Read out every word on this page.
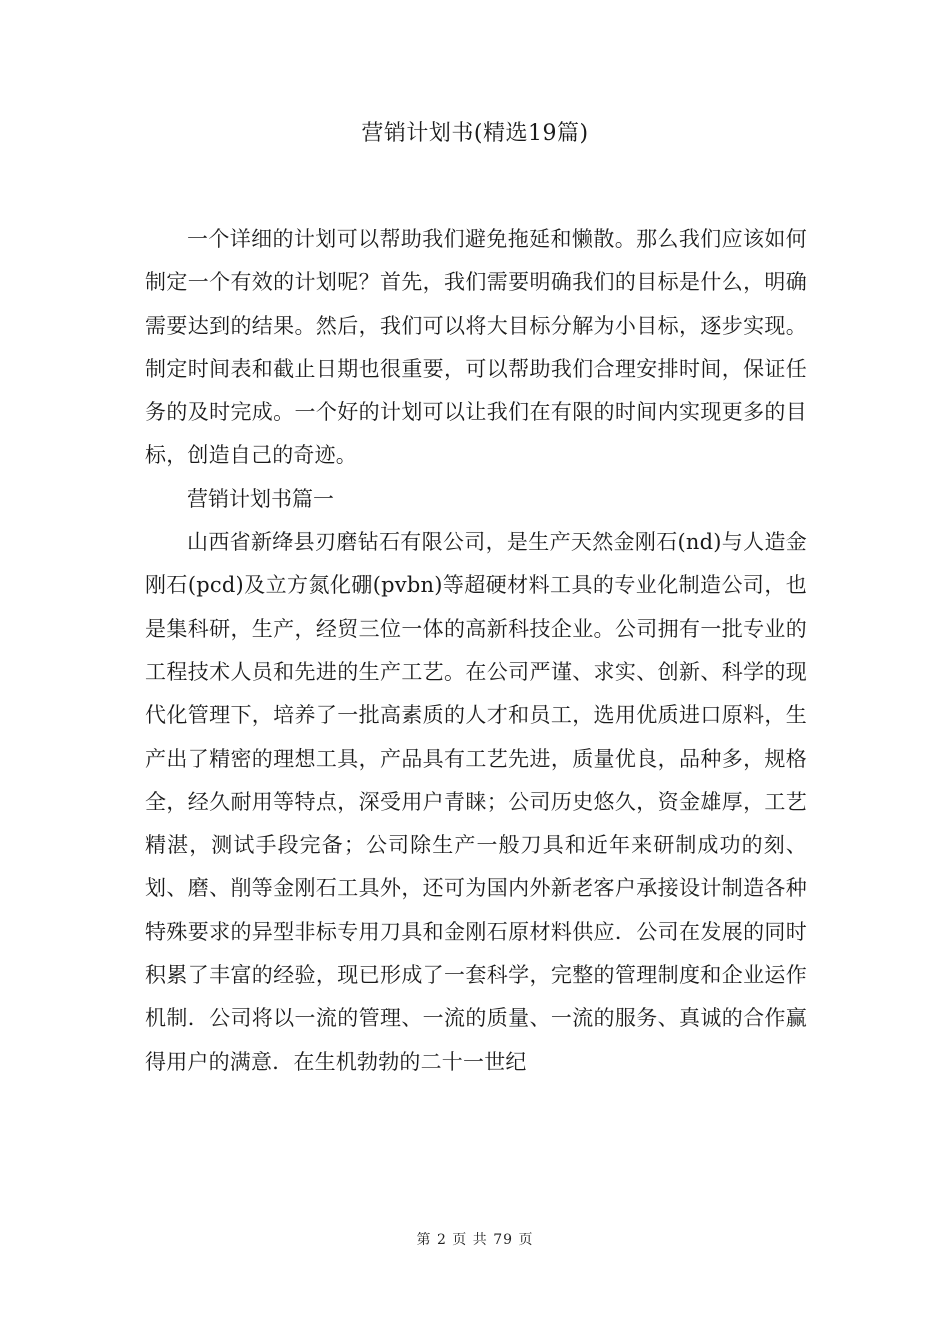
营销计划书(精选19篇)

一个详细的计划可以帮助我们避免拖延和懒散。那么我们应该如何制定一个有效的计划呢？首先，我们需要明确我们的目标是什么，明确需要达到的结果。然后，我们可以将大目标分解为小目标，逐步实现。制定时间表和截止日期也很重要，可以帮助我们合理安排时间，保证任务的及时完成。一个好的计划可以让我们在有限的时间内实现更多的目标，创造自己的奇迹。

营销计划书篇一

山西省新绛县刃磨钻石有限公司，是生产天然金刚石(nd)与人造金刚石(pcd)及立方氮化硼(pvbn)等超硬材料工具的专业化制造公司，也是集科研，生产，经贸三位一体的高新科技企业。公司拥有一批专业的工程技术人员和先进的生产工艺。在公司严谨、求实、创新、科学的现代化管理下，培养了一批高素质的人才和员工，选用优质进口原料，生产出了精密的理想工具，产品具有工艺先进，质量优良，品种多，规格全，经久耐用等特点，深受用户青睐；公司历史悠久，资金雄厚，工艺精湛，测试手段完备；公司除生产一般刀具和近年来研制成功的刻、划、磨、削等金刚石工具外，还可为国内外新老客户承接设计制造各种特殊要求的异型非标专用刀具和金刚石原材料供应．公司在发展的同时积累了丰富的经验，现已形成了一套科学，完整的管理制度和企业运作机制．公司将以一流的管理、一流的质量、一流的服务、真诚的合作赢得用户的满意．在生机勃勃的二十一世纪

第 2 页 共 79 页
